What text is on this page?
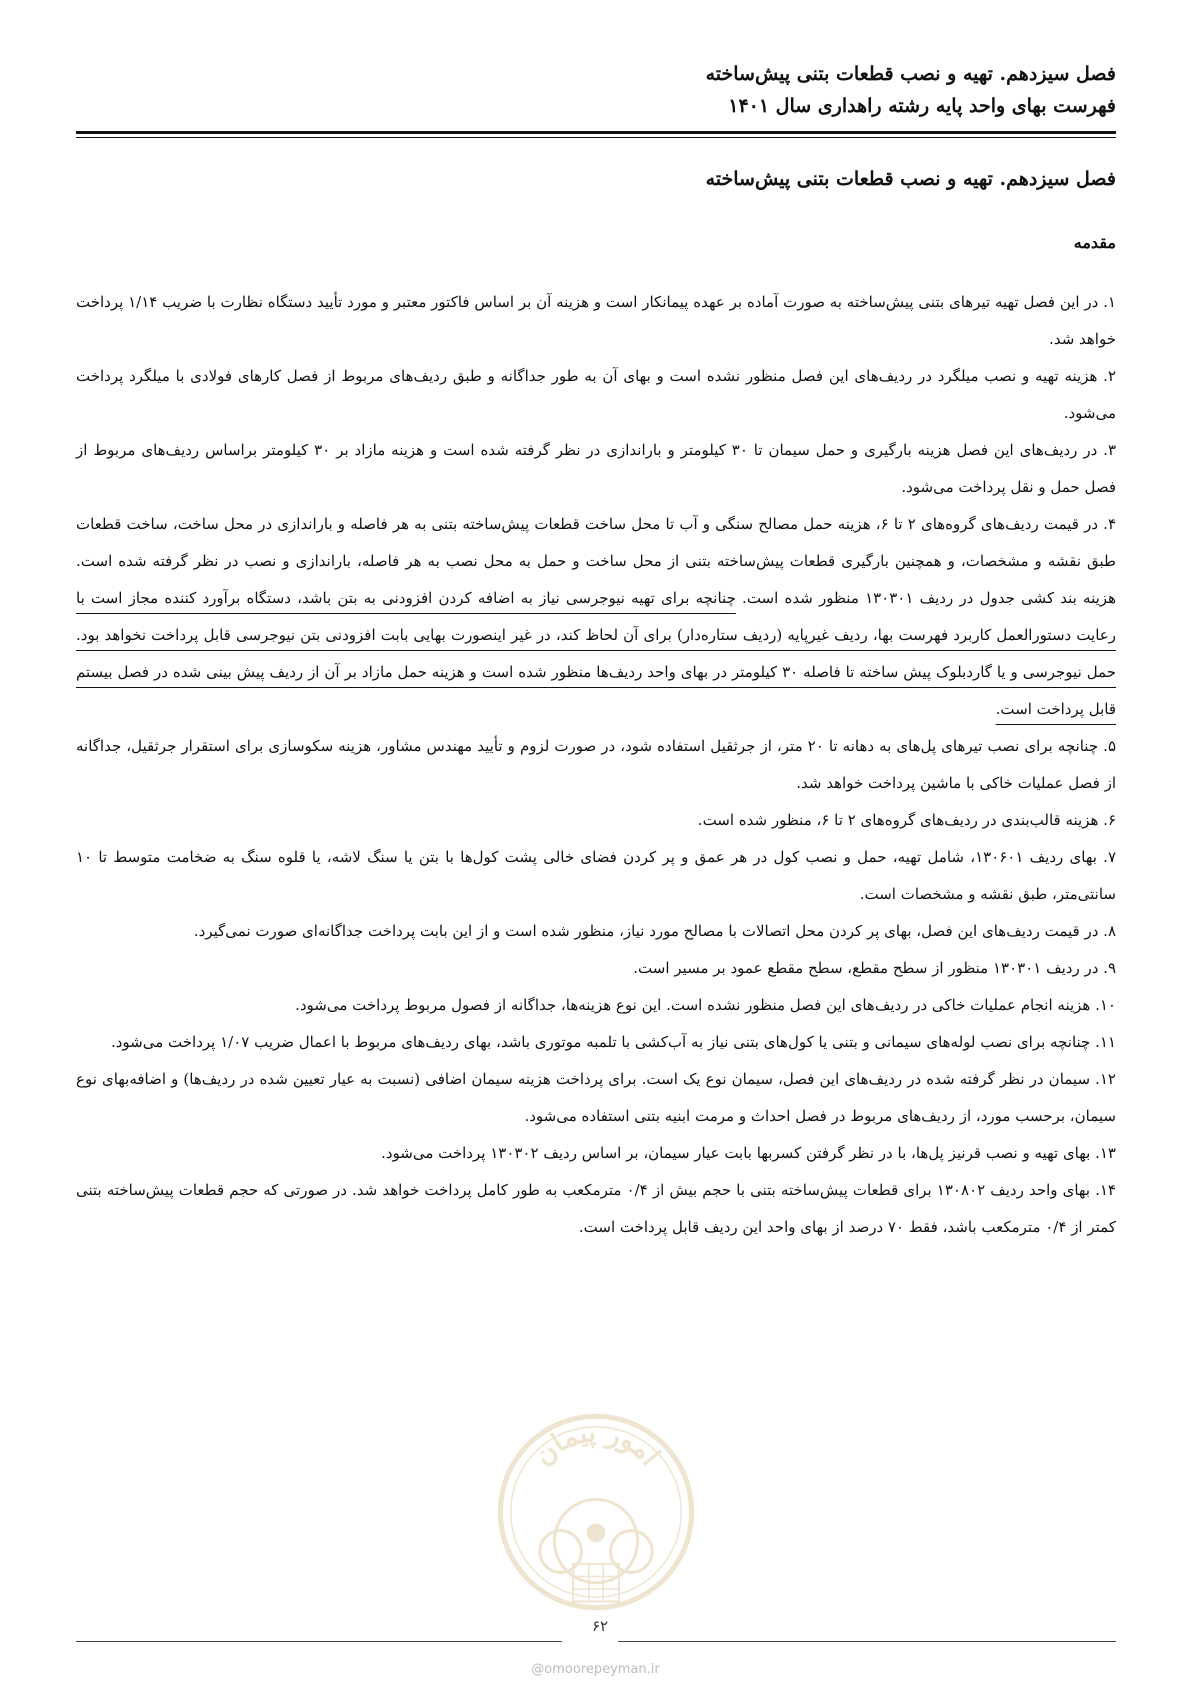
فصل سیزدهم. تهیه و نصب قطعات بتنی پیش‌ساخته
فهرست بهای واحد پایه رشته راهداری سال ۱۴۰۱
فصل سیزدهم. تهیه و نصب قطعات بتنی پیش‌ساخته
مقدمه

۱. در این فصل تهیه تیرهای بتنی پیش‌ساخته به صورت آماده بر عهده پیمانکار است و هزینه آن بر اساس فاکتور معتبر و مورد تأیید دستگاه نظارت با ضریب ۱/۱۴ پرداخت خواهد شد.

۲. هزینه تهیه و نصب میلگرد در ردیف‌های این فصل منظور نشده است و بهای آن به طور جداگانه و طبق ردیف‌های مربوط از فصل کارهای فولادی با میلگرد پرداخت می‌شود.

۳. در ردیف‌های این فصل هزینه بارگیری و حمل سیمان تا ۳۰ کیلومتر و باراندازی در نظر گرفته شده است و هزینه مازاد بر ۳۰ کیلومتر براساس ردیف‌های مربوط از فصل حمل و نقل پرداخت می‌شود.

۴. در قیمت ردیف‌های گروه‌های ۲ تا ۶، هزینه حمل مصالح سنگی و آب تا محل ساخت قطعات پیش‌ساخته بتنی به هر فاصله و باراندازی در محل ساخت، ساخت قطعات طبق نقشه و مشخصات، و همچنین بارگیری قطعات پیش‌ساخته بتنی از محل ساخت و حمل به محل نصب به هر فاصله، باراندازی و نصب در نظر گرفته شده است. هزینه بند کشی جدول در ردیف ۱۳۰۳۰۱ منظور شده است. چنانچه برای تهیه نیوجرسی نیاز به اضافه کردن افزودنی به بتن باشد، دستگاه برآورد کننده مجاز است با رعایت دستورالعمل کاربرد فهرست بها، ردیف غیرپایه (ردیف ستاره‌دار) برای آن لحاظ کند، در غیر اینصورت بهایی بابت افزودنی بتن نیوجرسی قابل پرداخت نخواهد بود. حمل نیوجرسی و یا گاردبلوک پیش ساخته تا فاصله ۳۰ کیلومتر در بهای واحد ردیف‌ها منظور شده است و هزینه حمل مازاد بر آن از ردیف پیش بینی شده در فصل بیستم قابل پرداخت است.

۵. چنانچه برای نصب تیرهای پل‌های به دهانه تا ۲۰ متر، از جرثقیل استفاده شود، در صورت لزوم و تأیید مهندس مشاور، هزینه سکوسازی برای استقرار جرثقیل، جداگانه از فصل عملیات خاکی با ماشین پرداخت خواهد شد.

۶. هزینه قالب‌بندی در ردیف‌های گروه‌های ۲ تا ۶، منظور شده است.

۷. بهای ردیف ۱۳۰۶۰۱، شامل تهیه، حمل و نصب کول در هر عمق و پر کردن فضای خالی پشت کول‌ها با بتن یا سنگ لاشه، یا قلوه سنگ به ضخامت متوسط تا ۱۰ سانتی‌متر، طبق نقشه و مشخصات است.

۸. در قیمت ردیف‌های این فصل، بهای پر کردن محل اتصالات با مصالح مورد نیاز، منظور شده است و از این بابت پرداخت جداگانه‌ای صورت نمی‌گیرد.

۹. در ردیف ۱۳۰۳۰۱ منظور از سطح مقطع، سطح مقطع عمود بر مسیر است.

۱۰. هزینه انجام عملیات خاکی در ردیف‌های این فصل منظور نشده است. این نوع هزینه‌ها، جداگانه از فصول مربوط پرداخت می‌شود.

۱۱. چنانچه برای نصب لوله‌های سیمانی و بتنی یا کول‌های بتنی نیاز به آب‌کشی با تلمبه موتوری باشد، بهای ردیف‌های مربوط با اعمال ضریب ۱/۰۷ پرداخت می‌شود.

۱۲. سیمان در نظر گرفته شده در ردیف‌های این فصل، سیمان نوع یک است. برای پرداخت هزینه سیمان اضافی (نسبت به عیار تعیین شده در ردیف‌ها) و اضافه‌بهای نوع سیمان، برحسب مورد، از ردیف‌های مربوط در فصل احداث و مرمت ابنیه بتنی استفاده می‌شود.

۱۳. بهای تهیه و نصب قرنیز پل‌ها، با در نظر گرفتن کسربها بابت عیار سیمان، بر اساس ردیف ۱۳۰۳۰۲ پرداخت می‌شود.

۱۴. بهای واحد ردیف ۱۳۰۸۰۲ برای قطعات پیش‌ساخته بتنی با حجم بیش از ۰/۴ مترمکعب به طور کامل پرداخت خواهد شد. در صورتی که حجم قطعات پیش‌ساخته بتنی کمتر از ۰/۴ مترمکعب باشد، فقط ۷۰ درصد از بهای واحد این ردیف قابل پرداخت است.

امور پیمان
۶۲
@omoorepeyman.ir
